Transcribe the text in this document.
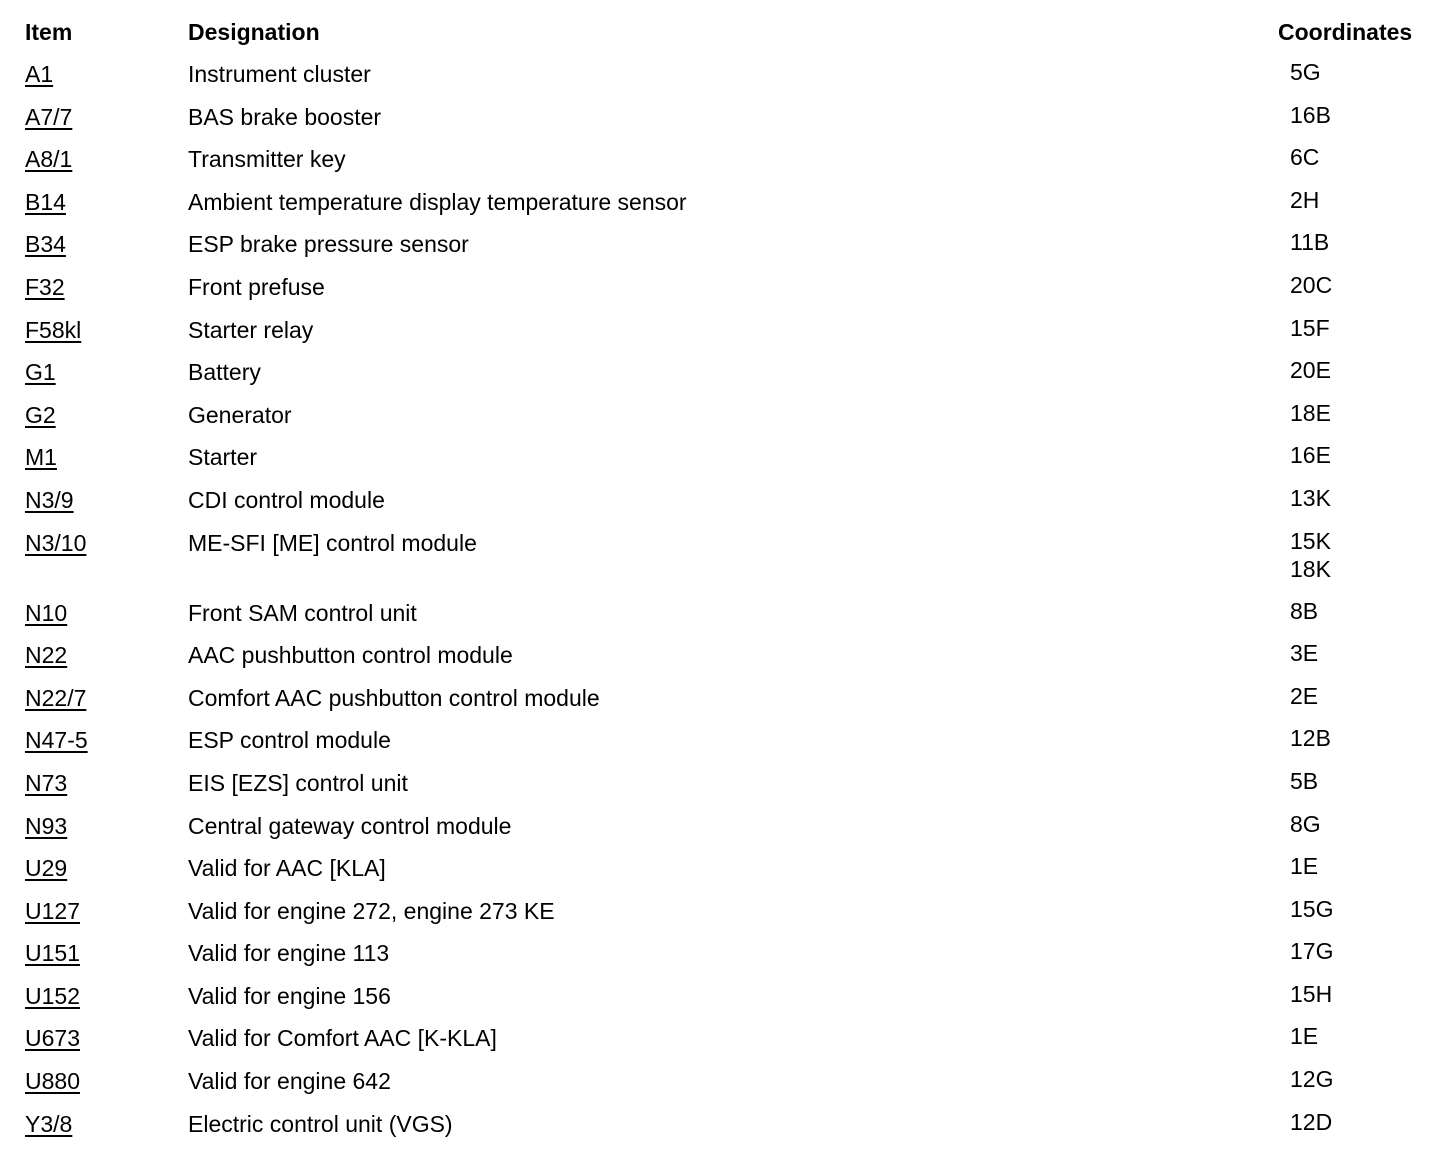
Item	Designation	Coordinates
A1	Instrument cluster	5G
A7/7	BAS brake booster	16B
A8/1	Transmitter key	6C
B14	Ambient temperature display temperature sensor	2H
B34	ESP brake pressure sensor	11B
F32	Front prefuse	20C
F58kl	Starter relay	15F
G1	Battery	20E
G2	Generator	18E
M1	Starter	16E
N3/9	CDI control module	13K
N3/10	ME-SFI [ME] control module	15K
18K
N10	Front SAM control unit	8B
N22	AAC pushbutton control module	3E
N22/7	Comfort AAC pushbutton control module	2E
N47-5	ESP control module	12B
N73	EIS [EZS] control unit	5B
N93	Central gateway control module	8G
U29	Valid for AAC [KLA]	1E
U127	Valid for engine 272, engine 273 KE	15G
U151	Valid for engine 113	17G
U152	Valid for engine 156	15H
U673	Valid for Comfort AAC [K-KLA]	1E
U880	Valid for engine 642	12G
Y3/8	Electric control unit (VGS)	12D
